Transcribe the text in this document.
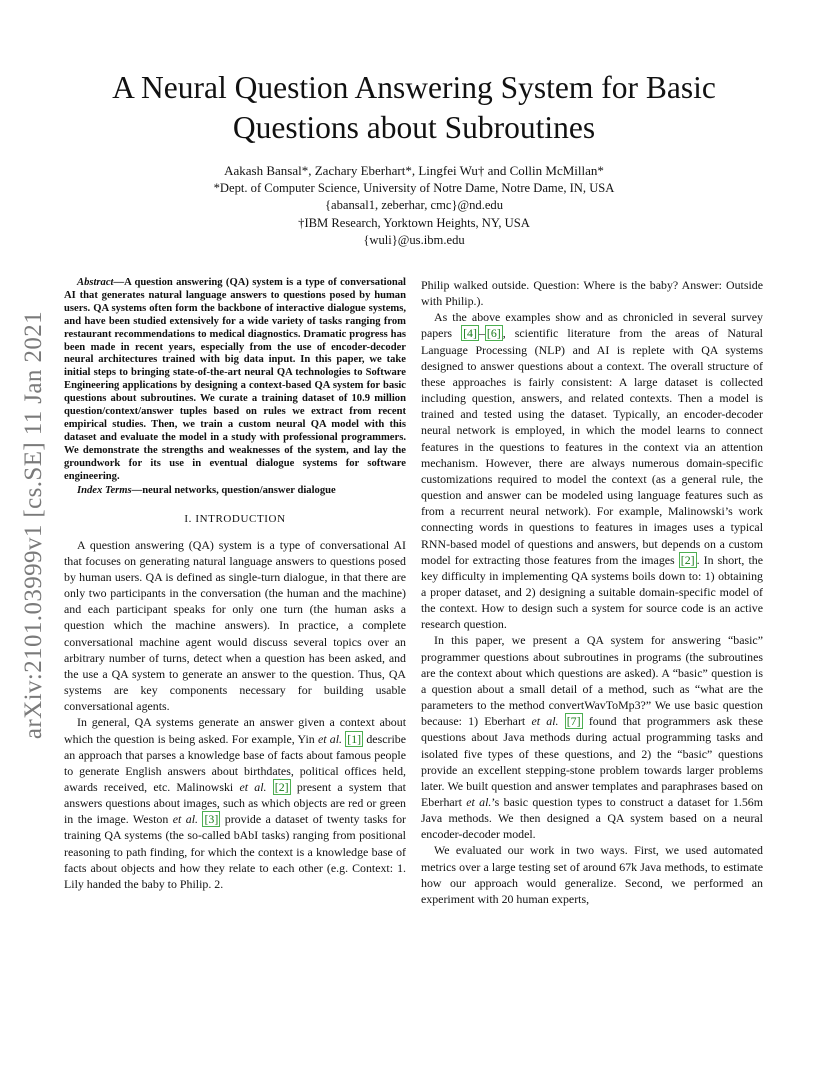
arXiv:2101.03999v1 [cs.SE] 11 Jan 2021
A Neural Question Answering System for Basic
Questions about Subroutines
Aakash Bansal*, Zachary Eberhart*, Lingfei Wu† and Collin McMillan*
*Dept. of Computer Science, University of Notre Dame, Notre Dame, IN, USA
{abansal1, zeberhar, cmc}@nd.edu
†IBM Research, Yorktown Heights, NY, USA
{wuli}@us.ibm.edu

Abstract—A question answering (QA) system is a type of conversational AI that generates natural language answers to questions posed by human users. QA systems often form the backbone of interactive dialogue systems, and have been studied extensively for a wide variety of tasks ranging from restaurant recommendations to medical diagnostics. Dramatic progress has been made in recent years, especially from the use of encoder-decoder neural architectures trained with big data input. In this paper, we take initial steps to bringing state-of-the-art neural QA technologies to Software Engineering applications by designing a context-based QA system for basic questions about subroutines. We curate a training dataset of 10.9 million question/context/answer tuples based on rules we extract from recent empirical studies. Then, we train a custom neural QA model with this dataset and evaluate the model in a study with professional programmers. We demonstrate the strengths and weaknesses of the system, and lay the groundwork for its use in eventual dialogue systems for software engineering.

Index Terms—neural networks, question/answer dialogue

I. INTRODUCTION

A question answering (QA) system is a type of conversational AI that focuses on generating natural language answers to questions posed by human users. QA is defined as single-turn dialogue, in that there are only two participants in the conversation (the human and the machine) and each participant speaks for only one turn (the human asks a question which the machine answers). In practice, a complete conversational machine agent would discuss several topics over an arbitrary number of turns, detect when a question has been asked, and the use a QA system to generate an answer to the question. Thus, QA systems are key components necessary for building usable conversational agents.

In general, QA systems generate an answer given a context about which the question is being asked. For example, Yin et al. [1] describe an approach that parses a knowledge base of facts about famous people to generate English answers about birthdates, political offices held, awards received, etc. Malinowski et al. [2] present a system that answers questions about images, such as which objects are red or green in the image. Weston et al. [3] provide a dataset of twenty tasks for training QA systems (the so-called bAbI tasks) ranging from positional reasoning to path finding, for which the context is a knowledge base of facts about objects and how they relate to each other (e.g. Context: 1. Lily handed the baby to Philip. 2.

Philip walked outside. Question: Where is the baby? Answer: Outside with Philip.).

As the above examples show and as chronicled in several survey papers [4] – [6] , scientific literature from the areas of Natural Language Processing (NLP) and AI is replete with QA systems designed to answer questions about a context. The overall structure of these approaches is fairly consistent: A large dataset is collected including question, answers, and related contexts. Then a model is trained and tested using the dataset. Typically, an encoder-decoder neural network is employed, in which the model learns to connect features in the questions to features in the context via an attention mechanism. However, there are always numerous domain-specific customizations required to model the context (as a general rule, the question and answer can be modeled using language features such as from a recurrent neural network). For example, Malinowski’s work connecting words in questions to features in images uses a typical RNN-based model of questions and answers, but depends on a custom model for extracting those features from the images [2] . In short, the key difficulty in implementing QA systems boils down to: 1) obtaining a proper dataset, and 2) designing a suitable domain-specific model of the context. How to design such a system for source code is an active research question.

In this paper, we present a QA system for answering “basic” programmer questions about subroutines in programs (the subroutines are the context about which questions are asked). A “basic” question is a question about a small detail of a method, such as “what are the parameters to the method convertWavToMp3?” We use basic question because: 1) Eberhart et al. [7] found that programmers ask these questions about Java methods during actual programming tasks and isolated five types of these questions, and 2) the “basic” questions provide an excellent stepping-stone problem towards larger problems later. We built question and answer templates and paraphrases based on Eberhart et al.’s basic question types to construct a dataset for 1.56m Java methods. We then designed a QA system based on a neural encoder-decoder model.

We evaluated our work in two ways. First, we used automated metrics over a large testing set of around 67k Java methods, to estimate how our approach would generalize. Second, we performed an experiment with 20 human experts,
